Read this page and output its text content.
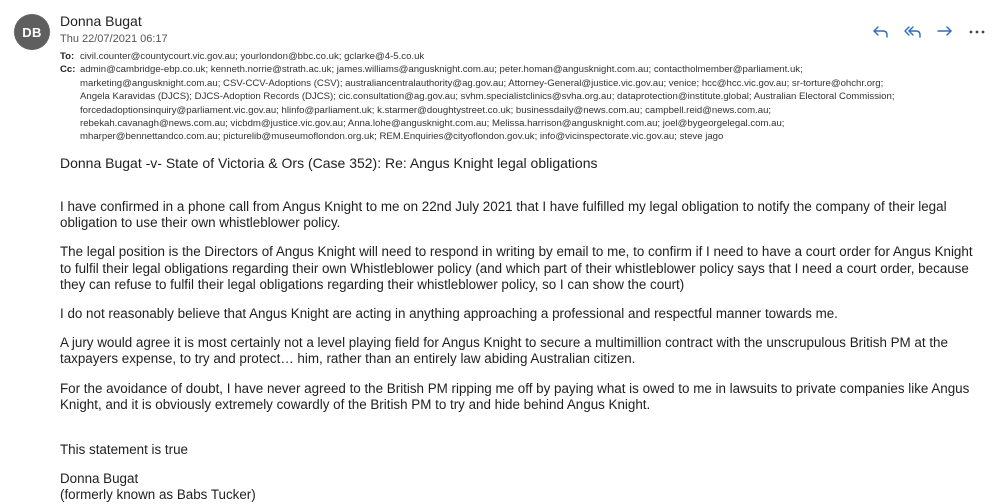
DB
Donna Bugat
Thu 22/07/2021 06:17
To: civil.counter@countycourt.vic.gov.au; yourlondon@bbc.co.uk; gclarke@4-5.co.uk
Cc: admin@cambridge-ebp.co.uk; kenneth.norrie@strath.ac.uk; james.williams@angusknight.com.au; peter.homan@angusknight.com.au; contactholmember@parliament.uk;
marketing@angusknight.com.au; CSV-CCV-Adoptions (CSV); australiancentralauthority@ag.gov.au; Attorney-General@justice.vic.gov.au; venice; hcc@hcc.vic.gov.au; sr-torture@ohchr.org;
Angela Karavidas (DJCS); DJCS-Adoption Records (DJCS); cic.consultation@ag.gov.au; svhm.specialistclinics@svha.org.au; dataprotection@institute.global; Australian Electoral Commission;
forcedadoptionsinquiry@parliament.vic.gov.au; hlinfo@parliament.uk; k.starmer@doughtystreet.co.uk; businessdaily@news.com.au; campbell.reid@news.com.au;
rebekah.cavanagh@news.com.au; vicbdm@justice.vic.gov.au; Anna.lohe@angusknight.com.au; Melissa.harrison@angusknight.com.au; joel@bygeorgelegal.com.au;
mharper@bennettandco.com.au; picturelib@museumoflondon.org.uk; REM.Enquiries@cityoflondon.gov.uk; info@vicinspectorate.vic.gov.au; steve jago
Donna Bugat -v- State of Victoria & Ors (Case 352): Re: Angus Knight legal obligations

I have confirmed in a phone call from Angus Knight to me on 22nd July 2021 that I have fulfilled my legal obligation to notify the company of their legal obligation to use their own whistleblower policy.

The legal position is the Directors of Angus Knight will need to respond in writing by email to me, to confirm if I need to have a court order for Angus Knight to fulfil their legal obligations regarding their own Whistleblower policy (and which part of their whistleblower policy says that I need a court order, because they can refuse to fulfil their legal obligations regarding their whistleblower policy, so I can show the court)

I do not reasonably believe that Angus Knight are acting in anything approaching a professional and respectful manner towards me.

A jury would agree it is most certainly not a level playing field for Angus Knight to secure a multimillion contract with the unscrupulous British PM at the taxpayers expense, to try and protect… him, rather than an entirely law abiding Australian citizen.

For the avoidance of doubt, I have never agreed to the British PM ripping me off by paying what is owed to me in lawsuits to private companies like Angus Knight, and it is obviously extremely cowardly of the British PM to try and hide behind Angus Knight.

This statement is true

Donna Bugat
(formerly known as Babs Tucker)
